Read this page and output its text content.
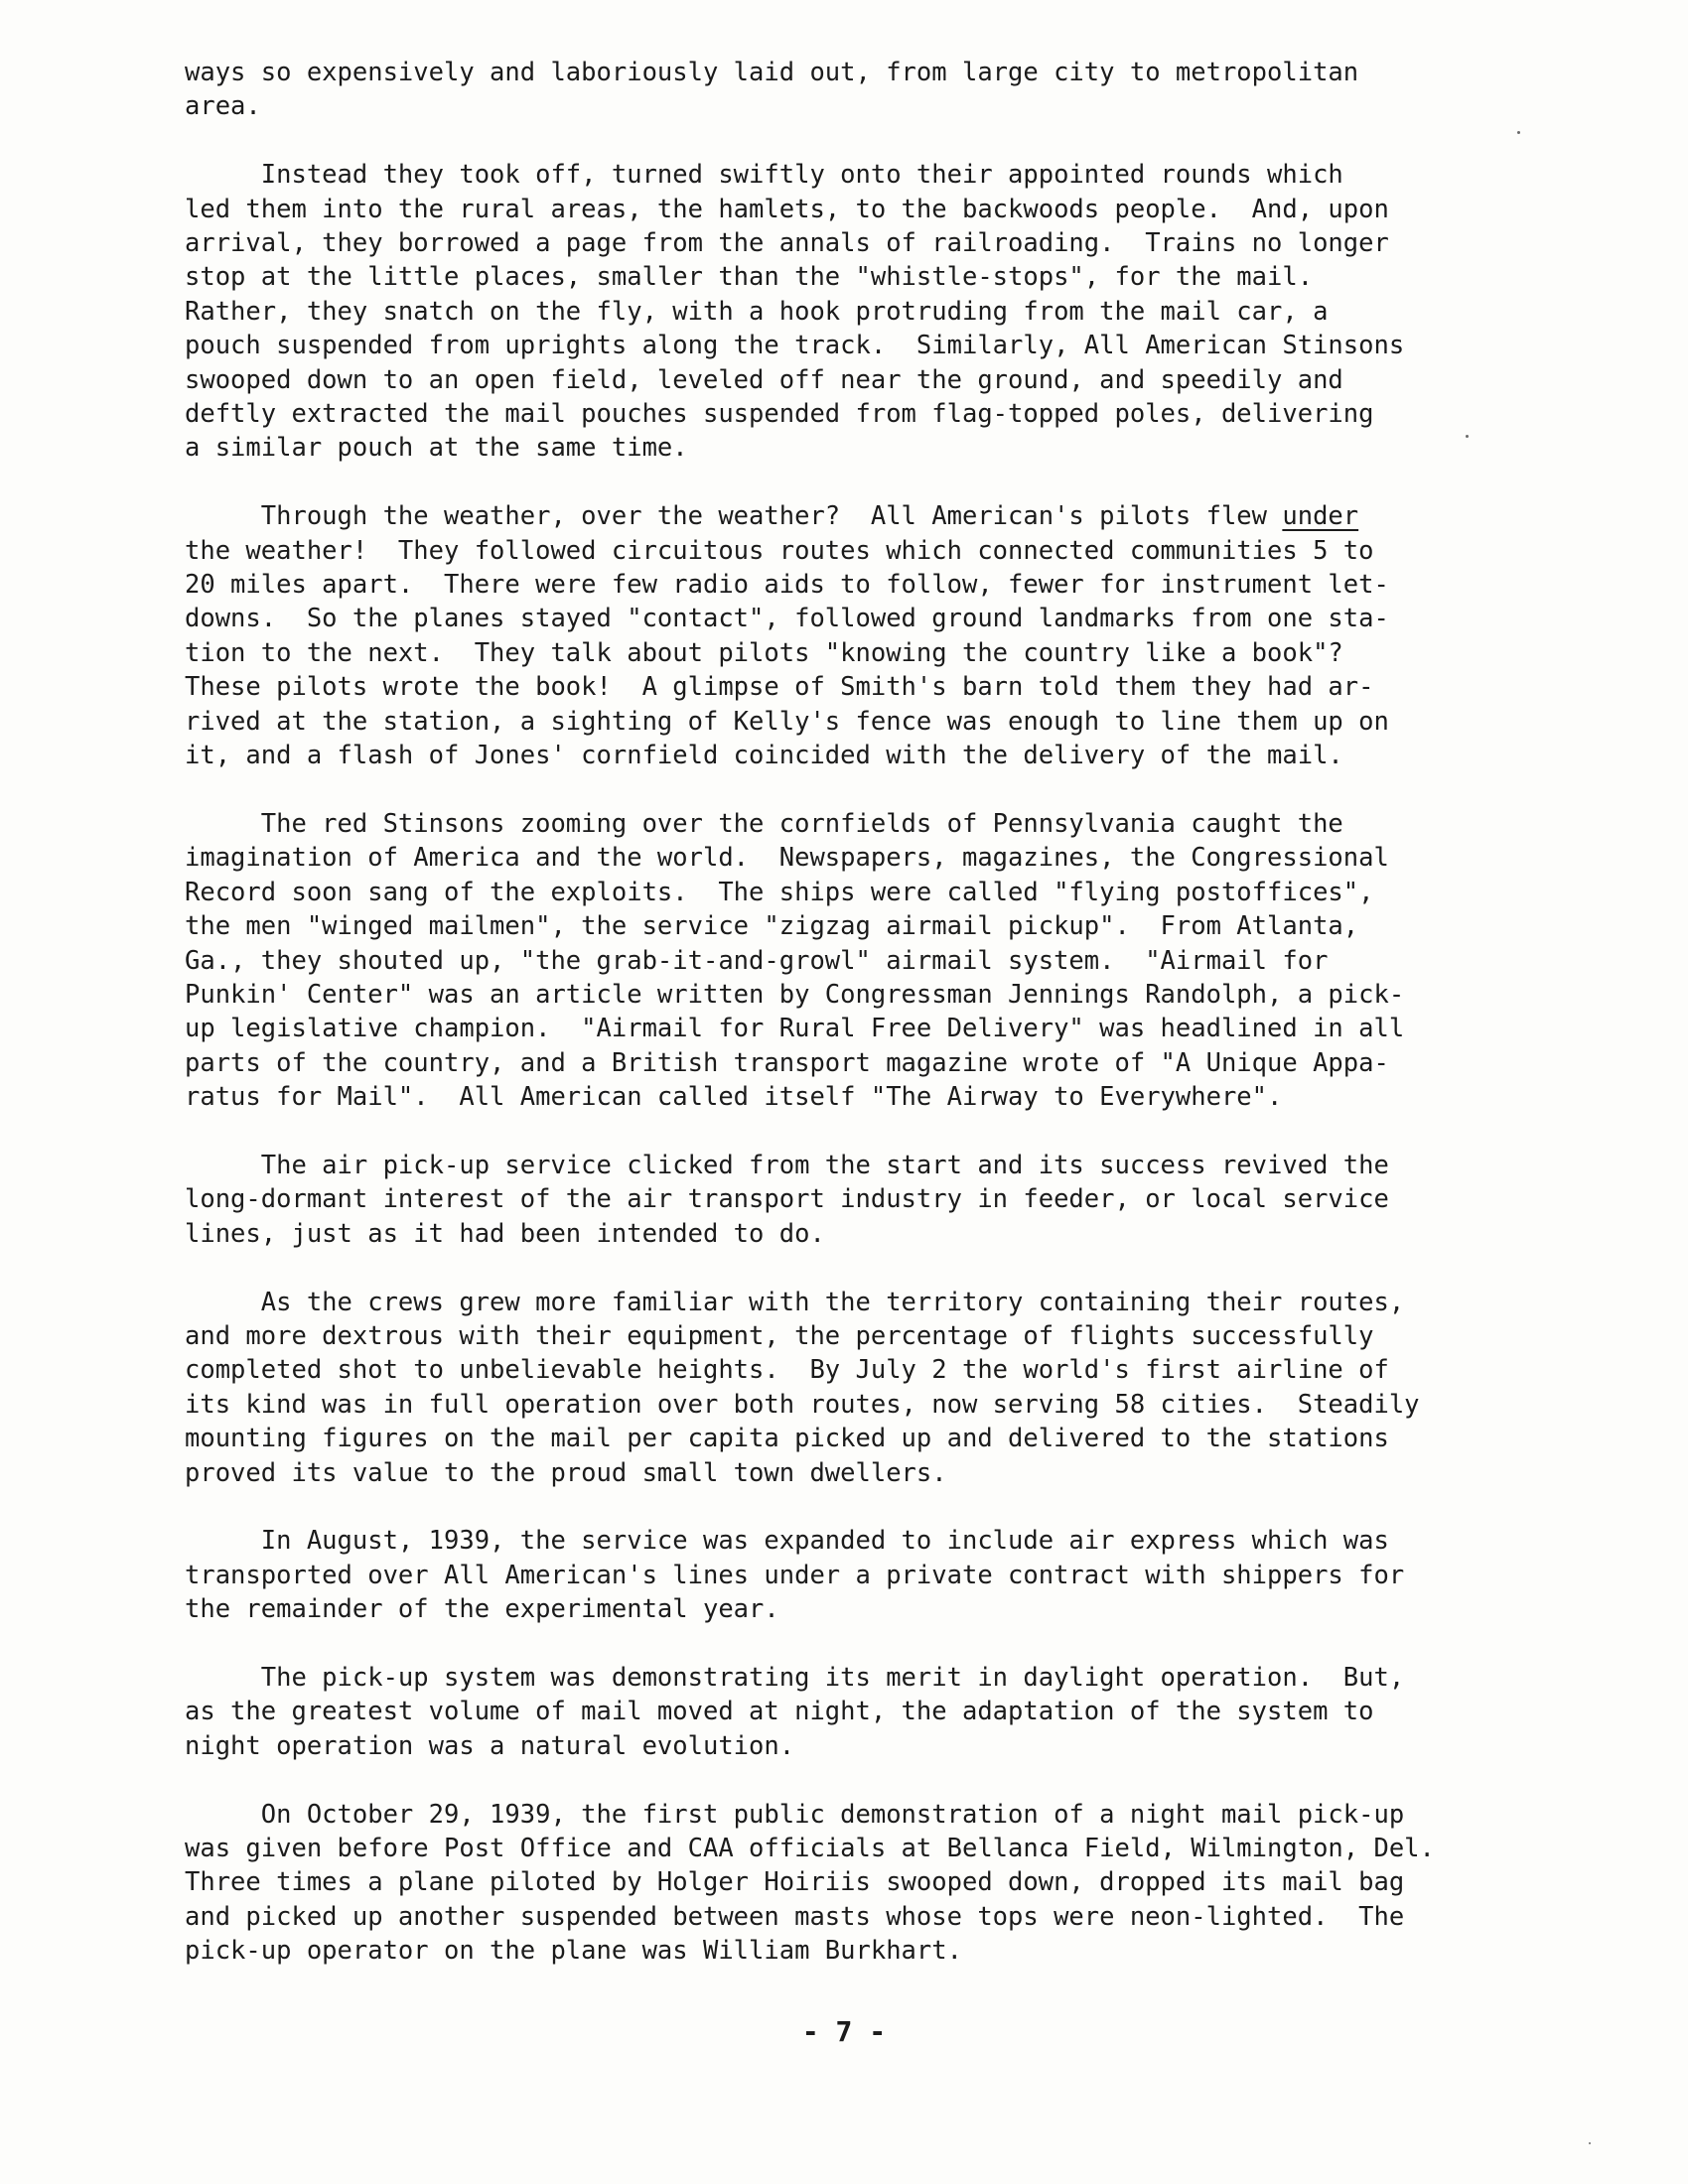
ways so expensively and laboriously laid out, from large city to metropolitan
area.

Instead they took off, turned swiftly onto their appointed rounds which
led them into the rural areas, the hamlets, to the backwoods people.  And, upon
arrival, they borrowed a page from the annals of railroading.  Trains no longer
stop at the little places, smaller than the "whistle-stops", for the mail.
Rather, they snatch on the fly, with a hook protruding from the mail car, a
pouch suspended from uprights along the track.  Similarly, All American Stinsons
swooped down to an open field, leveled off near the ground, and speedily and
deftly extracted the mail pouches suspended from flag-topped poles, delivering
a similar pouch at the same time.

Through the weather, over the weather?  All American's pilots flew under
the weather!  They followed circuitous routes which connected communities 5 to
20 miles apart.  There were few radio aids to follow, fewer for instrument let-
downs.  So the planes stayed "contact", followed ground landmarks from one sta-
tion to the next.  They talk about pilots "knowing the country like a book"?
These pilots wrote the book!  A glimpse of Smith's barn told them they had ar-
rived at the station, a sighting of Kelly's fence was enough to line them up on
it, and a flash of Jones' cornfield coincided with the delivery of the mail.

The red Stinsons zooming over the cornfields of Pennsylvania caught the
imagination of America and the world.  Newspapers, magazines, the Congressional
Record soon sang of the exploits.  The ships were called "flying postoffices",
the men "winged mailmen", the service "zigzag airmail pickup".  From Atlanta,
Ga., they shouted up, "the grab-it-and-growl" airmail system.  "Airmail for
Punkin' Center" was an article written by Congressman Jennings Randolph, a pick-
up legislative champion.  "Airmail for Rural Free Delivery" was headlined in all
parts of the country, and a British transport magazine wrote of "A Unique Appa-
ratus for Mail".  All American called itself "The Airway to Everywhere".

The air pick-up service clicked from the start and its success revived the
long-dormant interest of the air transport industry in feeder, or local service
lines, just as it had been intended to do.

As the crews grew more familiar with the territory containing their routes,
and more dextrous with their equipment, the percentage of flights successfully
completed shot to unbelievable heights.  By July 2 the world's first airline of
its kind was in full operation over both routes, now serving 58 cities.  Steadily
mounting figures on the mail per capita picked up and delivered to the stations
proved its value to the proud small town dwellers.

In August, 1939, the service was expanded to include air express which was
transported over All American's lines under a private contract with shippers for
the remainder of the experimental year.

The pick-up system was demonstrating its merit in daylight operation.  But,
as the greatest volume of mail moved at night, the adaptation of the system to
night operation was a natural evolution.

On October 29, 1939, the first public demonstration of a night mail pick-up
was given before Post Office and CAA officials at Bellanca Field, Wilmington, Del.
Three times a plane piloted by Holger Hoiriis swooped down, dropped its mail bag
and picked up another suspended between masts whose tops were neon-lighted.  The
pick-up operator on the plane was William Burkhart.

- 7 -
